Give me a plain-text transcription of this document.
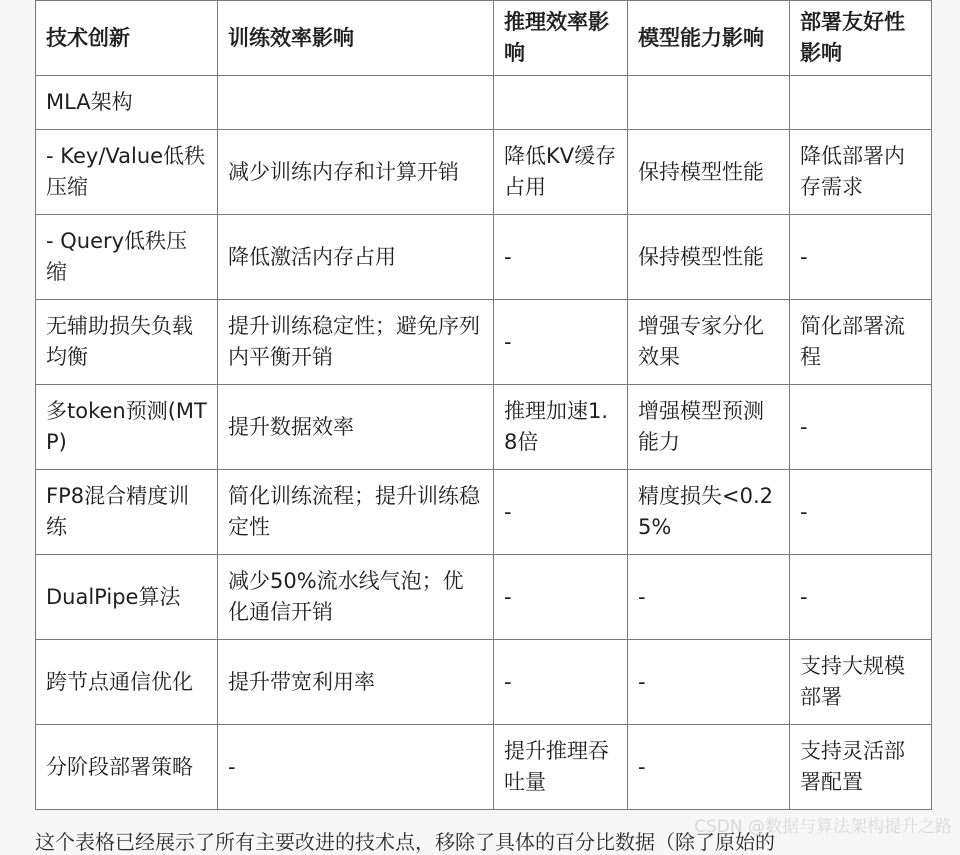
技术创新	训练效率影响	推理效率影响	模型能力影响	部署友好性影响
MLA架构				
- Key/Value低秩压缩	减少训练内存和计算开销	降低KV缓存占用	保持模型性能	降低部署内存需求
- Query低秩压缩	降低激活内存占用	-	保持模型性能	-
无辅助损失负载均衡	提升训练稳定性；避免序列内平衡开销	-	增强专家分化效果	简化部署流程
多token预测(MTP)	提升数据效率	推理加速1.8倍	增强模型预测能力	-
FP8混合精度训练	简化训练流程；提升训练稳定性	-	精度损失<0.25%	-
DualPipe算法	减少50%流水线气泡；优化通信开销	-	-	-
跨节点通信优化	提升带宽利用率	-	-	支持大规模部署
分阶段部署策略	-	提升推理吞吐量	-	支持灵活部署配置
这个表格已经展示了所有主要改进的技术点，移除了具体的百分比数据（除了原始的
CSDN @数据与算法架构提升之路
